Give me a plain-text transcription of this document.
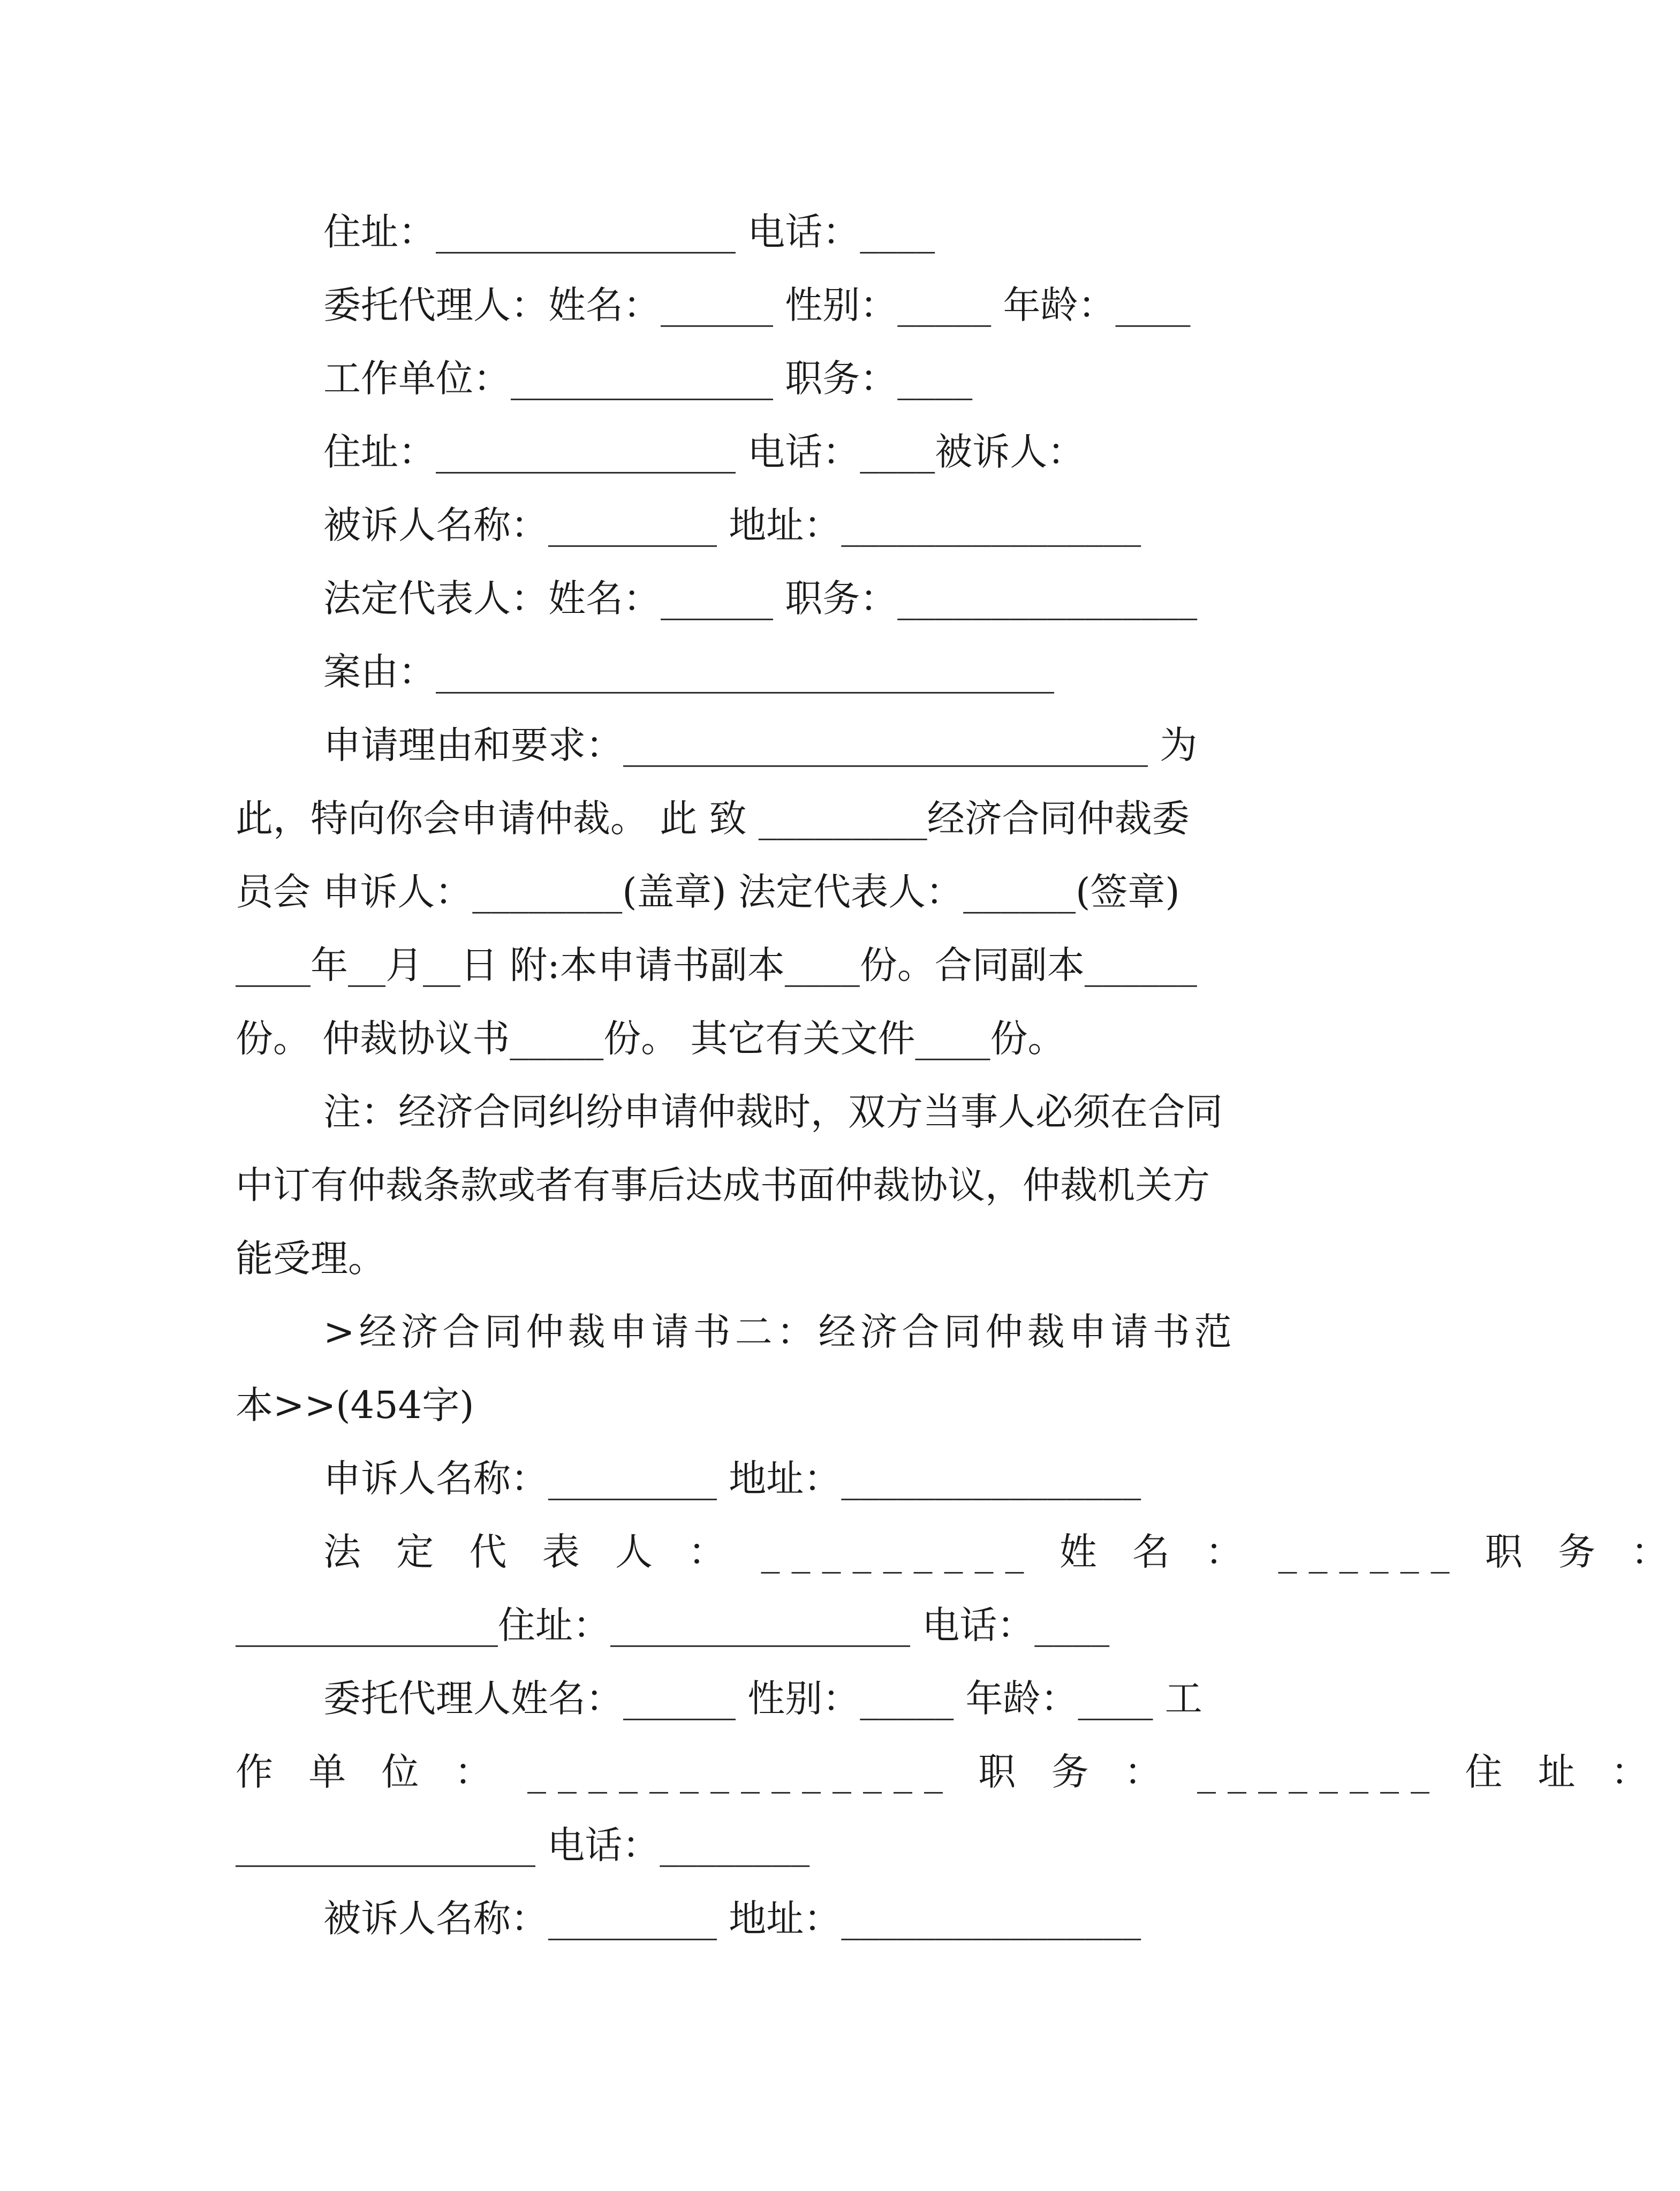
住址：________________ 电话：____
委托代理人：姓名：______ 性别：_____ 年龄：____
工作单位：______________ 职务：____
住址：________________ 电话：____被诉人：
被诉人名称：_________ 地址：________________
法定代表人：姓名：______ 职务：________________
案由：_________________________________
申请理由和要求：____________________________ 为
此，特向你会申请仲裁。 此 致 _________经济合同仲裁委
员会 申诉人：________(盖章) 法定代表人：______(签章)
____年__月__日 附:本申请书副本____份。合同副本______
份。 仲裁协议书_____份。 其它有关文件____份。
注：经济合同纠纷申请仲裁时，双方当事人必须在合同
中订有仲裁条款或者有事后达成书面仲裁协议，仲裁机关方
能受理。
>经济合同仲裁申请书二：经济合同仲裁申请书范
本>>(454字)
申诉人名称：_________ 地址：________________
法 定 代 表 人 ： _________ 姓 名 ： ______ 职 务 ：
______________住址：________________ 电话：____
委托代理人姓名：______ 性别：_____ 年龄：____ 工
作 单 位 ： ______________ 职 务 ： ________ 住 址 ：
________________ 电话：________
被诉人名称：_________ 地址：________________
